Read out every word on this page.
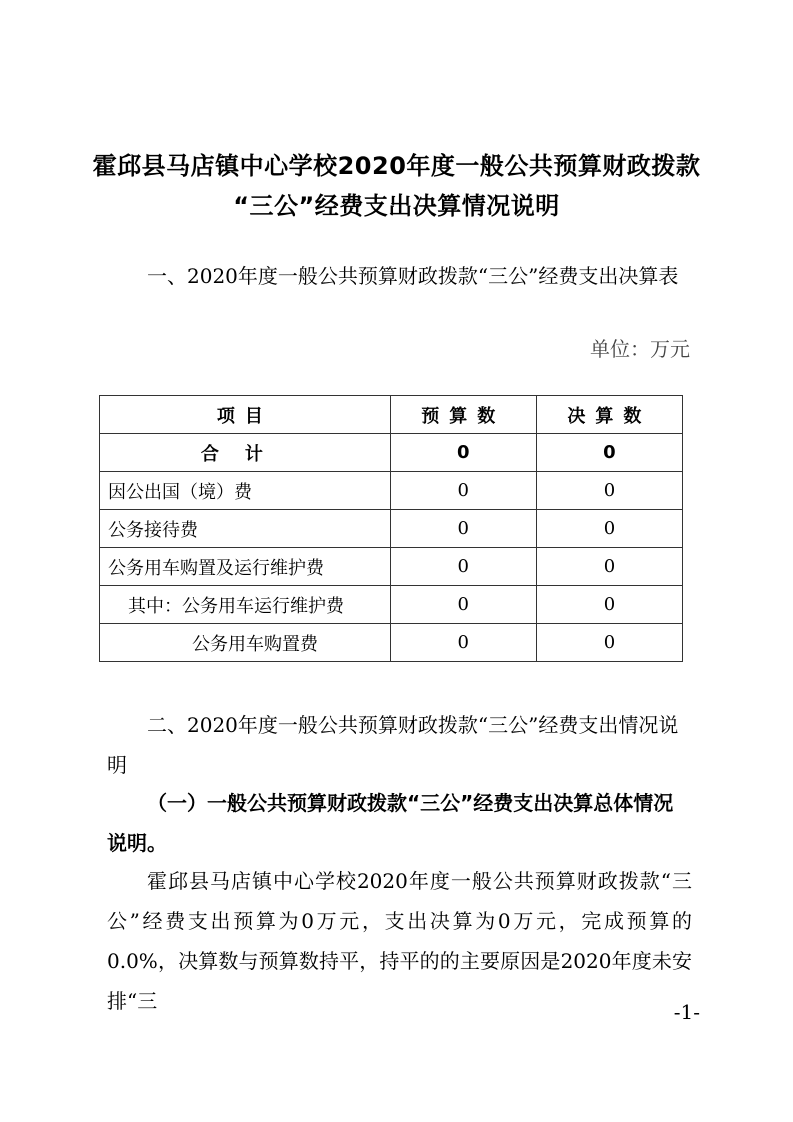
霍邱县马店镇中心学校2020年度一般公共预算财政拨款
“三公”经费支出决算情况说明
一、2020年度一般公共预算财政拨款“三公”经费支出决算表
单位：万元
项目	预算数	决算数
合计	0	0
因公出国（境）费	0	0
公务接待费	0	0
公务用车购置及运行维护费	0	0
其中：公务用车运行维护费	0	0
公务用车购置费	0	0
二、2020年度一般公共预算财政拨款“三公”经费支出情况说明
（一）一般公共预算财政拨款“三公”经费支出决算总体情况说明。
霍邱县马店镇中心学校2020年度一般公共预算财政拨款“三公”经费支出预算为0万元，支出决算为0万元，完成预算的0.0%，决算数与预算数持平，持平的的主要原因是2020年度未安排“三	-1-
